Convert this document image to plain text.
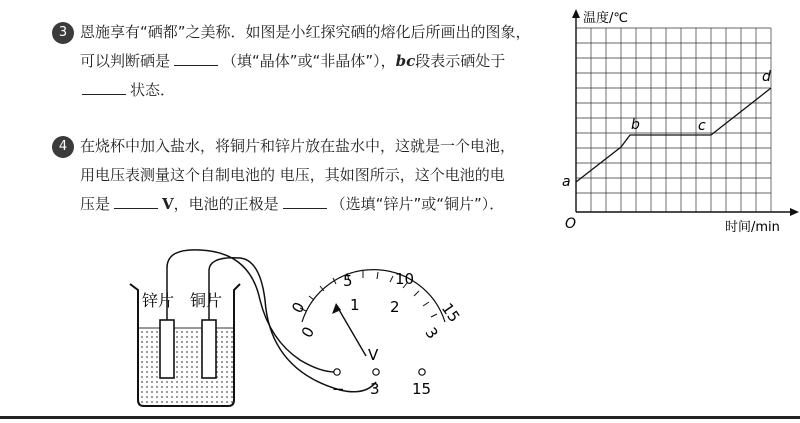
3 恩施享有“硒都”之美称．如图是小红探究硒的熔化后所画出的图象，
可以判断硒是	（填“晶体”或“非晶体”），bc段表示硒处于
状态．
4 在烧杯中加入盐水，将铜片和锌片放在盐水中，这就是一个电池，
用电压表测量这个自制电池的 电压，其如图所示，这个电池的电
压是	V，电池的正极是	（选填“锌片”或“铜片”）．
温度/℃
时间/min
O
a
b	c
d
锌片 铜片
0
0
5
1
10
2	15
3
V
− 3 15
